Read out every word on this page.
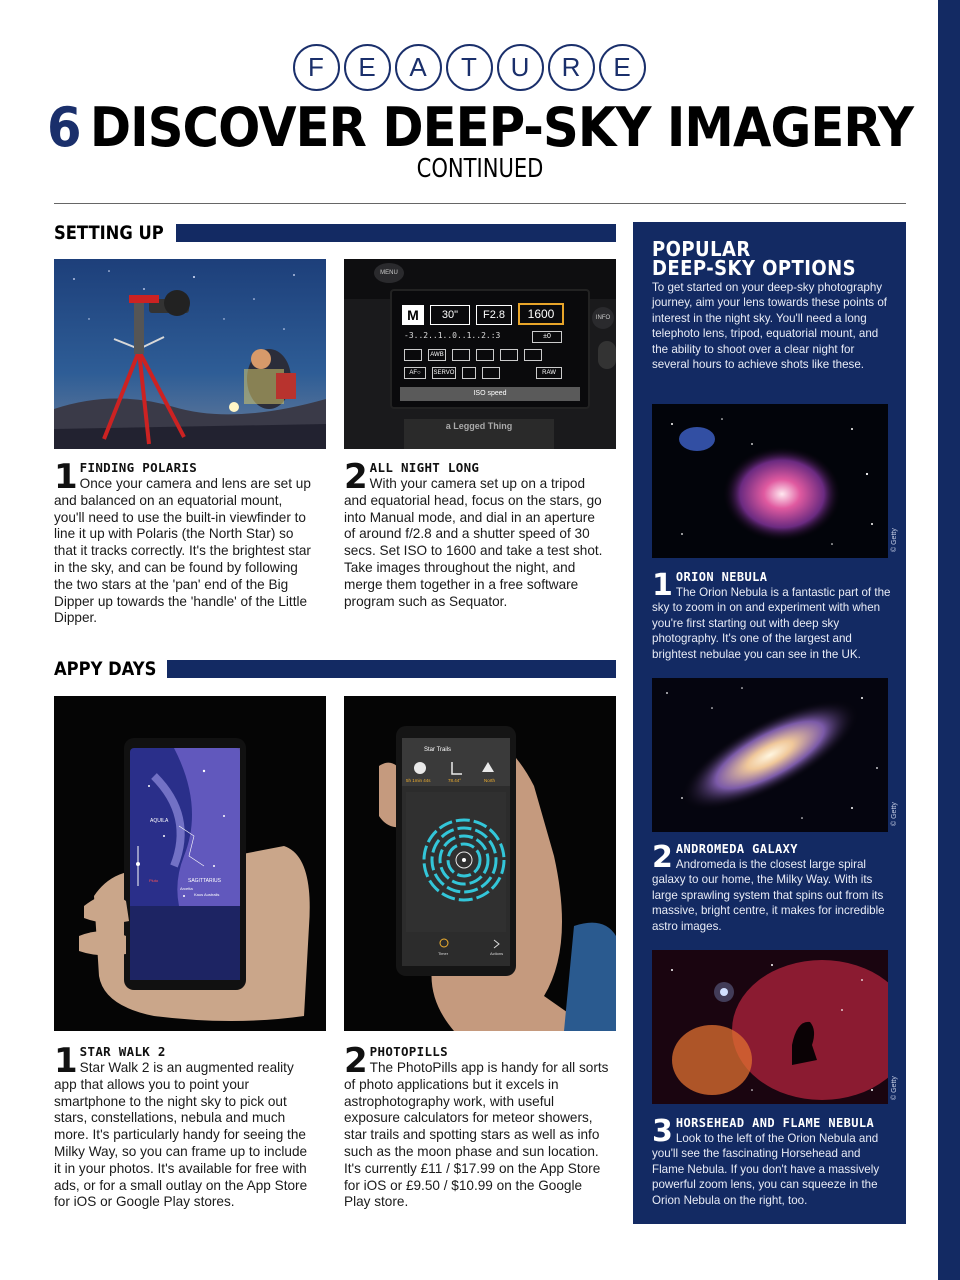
F	E	A	T	U	R	E
6 DISCOVER DEEP-SKY IMAGERY
CONTINUED
SETTING UP
MENU
INFO
M	30"	F2.8	1600
-3..2..1..0..1..2.:3	±0
AWB
AF○	SERVO	RAW
ISO speed
a Legged Thing
1 FINDING POLARIS
Once your camera and lens are set up and balanced on an equatorial mount, you'll need to use the built-in viewfinder to line it up with Polaris (the North Star) so that it tracks correctly. It's the brightest star in the sky, and can be found by following the two stars at the 'pan' end of the Big Dipper up towards the 'handle' of the Little Dipper.
2 ALL NIGHT LONG
With your camera set up on a tripod and equatorial head, focus on the stars, go into Manual mode, and dial in an aperture of around f/2.8 and a shutter speed of 30 secs. Set ISO to 1600 and take a test shot. Take images throughout the night, and merge them together in a free software program such as Sequator.
APPY DAYS
AQUILA
SAGITTARIUS
Arcetta
Kaus Australis
Pluto
Star Trails
5h 1min 44s	78.44°	North
Timer	Actions
1 STAR WALK 2
Star Walk 2 is an augmented reality app that allows you to point your smartphone to the night sky to pick out stars, constellations, nebula and much more. It's particularly handy for seeing the Milky Way, so you can frame up to include it in your photos. It's available for free with ads, or for a small outlay on the App Store for iOS or Google Play stores.
2 PHOTOPILLS
The PhotoPills app is handy for all sorts of photo applications but it excels in astrophotography work, with useful exposure calculators for meteor showers, star trails and spotting stars as well as info such as the moon phase and sun location. It's currently £11 / $17.99 on the App Store for iOS or £9.50 / $10.99 on the Google Play store.
POPULAR
DEEP-SKY OPTIONS
To get started on your deep-sky photography journey, aim your lens towards these points of interest in the night sky. You'll need a long telephoto lens, tripod, equatorial mount, and the ability to shoot over a clear night for several hours to achieve shots like these.
© Getty
1 ORION NEBULA
The Orion Nebula is a fantastic part of the sky to zoom in on and experiment with when you're first starting out with deep sky photography. It's one of the largest and brightest nebulae you can see in the UK.
© Getty
2 ANDROMEDA GALAXY
Andromeda is the closest large spiral galaxy to our home, the Milky Way. With its large sprawling system that spins out from its massive, bright centre, it makes for incredible astro images.
© Getty
3 HORSEHEAD AND FLAME NEBULA
Look to the left of the Orion Nebula and you'll see the fascinating Horsehead and Flame Nebula. If you don't have a massively powerful zoom lens, you can squeeze in the Orion Nebula on the right, too.
